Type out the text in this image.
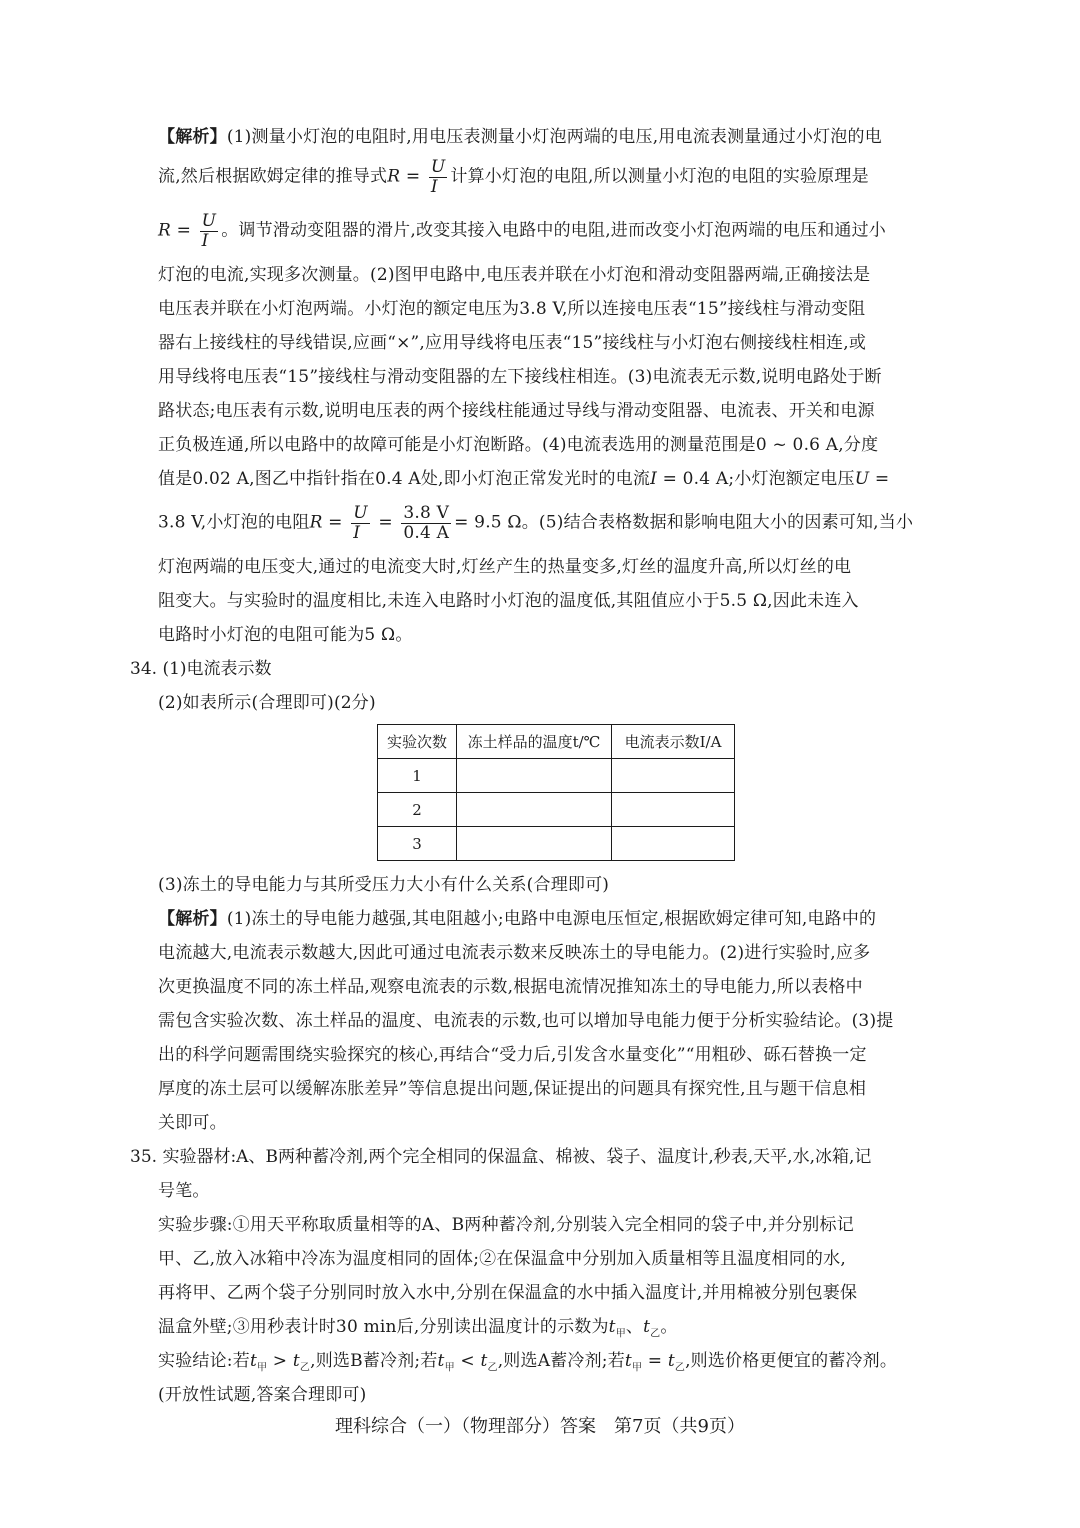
【解析】(1)测量小灯泡的电阻时,用电压表测量小灯泡两端的电压,用电流表测量通过小灯泡的电
流,然后根据欧姆定律的推导式$R = \frac{U}{I}$ 计算小灯泡的电阻,所以测量小灯泡的电阻的实验原理是
$R = \frac{U}{I}$ 。调节滑动变阻器的滑片,改变其接入电路中的电阻,进而改变小灯泡两端的电压和通过小
灯泡的电流,实现多次测量。(2)图甲电路中,电压表并联在小灯泡和滑动变阻器两端,正确接法是
电压表并联在小灯泡两端。小灯泡的额定电压为3.8 V,所以连接电压表“15”接线柱与滑动变阻
器右上接线柱的导线错误,应画“×”,应用导线将电压表“15”接线柱与小灯泡右侧接线柱相连,或
用导线将电压表“15”接线柱与滑动变阻器的左下接线柱相连。(3)电流表无示数,说明电路处于断
路状态;电压表有示数,说明电压表的两个接线柱能通过导线与滑动变阻器、电流表、开关和电源
正负极连通,所以电路中的故障可能是小灯泡断路。(4)电流表选用的测量范围是0 ~ 0.6 A,分度
值是0.02 A,图乙中指针指在0.4 A处,即小灯泡正常发光时的电流I = 0.4 A;小灯泡额定电压U =
3.8 V,小灯泡的电阻$R = \frac{U}{I} = \frac{3.8 V}{0.4 A} = 9.5$ Ω。(5)结合表格数据和影响电阻大小的因素可知,当小
灯泡两端的电压变大,通过的电流变大时,灯丝产生的热量变多,灯丝的温度升高,所以灯丝的电
阻变大。与实验时的温度相比,未连入电路时小灯泡的温度低,其阻值应小于5.5 Ω,因此未连入
电路时小灯泡的电阻可能为5 Ω。
34. (1)电流表示数
(2)如表所示(合理即可)(2分)
实验次数	冻土样品的温度t/℃	电流表示数I/A
1		
2		
3		
(3)冻土的导电能力与其所受压力大小有什么关系(合理即可)
【解析】(1)冻土的导电能力越强,其电阻越小;电路中电源电压恒定,根据欧姆定律可知,电路中的
电流越大,电流表示数越大,因此可通过电流表示数来反映冻土的导电能力。(2)进行实验时,应多
次更换温度不同的冻土样品,观察电流表的示数,根据电流情况推知冻土的导电能力,所以表格中
需包含实验次数、冻土样品的温度、电流表的示数,也可以增加导电能力便于分析实验结论。(3)提
出的科学问题需围绕实验探究的核心,再结合“受力后,引发含水量变化”“用粗砂、砾石替换一定
厚度的冻土层可以缓解冻胀差异”等信息提出问题,保证提出的问题具有探究性,且与题干信息相
关即可。
35. 实验器材:A、B两种蓄冷剂,两个完全相同的保温盒、棉被、袋子、温度计,秒表,天平,水,冰箱,记
号笔。
实验步骤:①用天平称取质量相等的A、B两种蓄冷剂,分别装入完全相同的袋子中,并分别标记
甲、乙,放入冰箱中冷冻为温度相同的固体;②在保温盒中分别加入质量相等且温度相同的水,
再将甲、乙两个袋子分别同时放入水中,分别在保温盒的水中插入温度计,并用棉被分别包裹保
温盒外壁;③用秒表计时30 min后,分别读出温度计的示数为$t_甲$、$t_乙$。
实验结论:若$t_甲 > t_乙$,则选B蓄冷剂;若$t_甲 < t_乙$,则选A蓄冷剂;若$t_甲 = t_乙$,则选价格更便宜的蓄冷剂。
(开放性试题,答案合理即可)
理科综合（一）（物理部分）答案　第7页（共9页）
